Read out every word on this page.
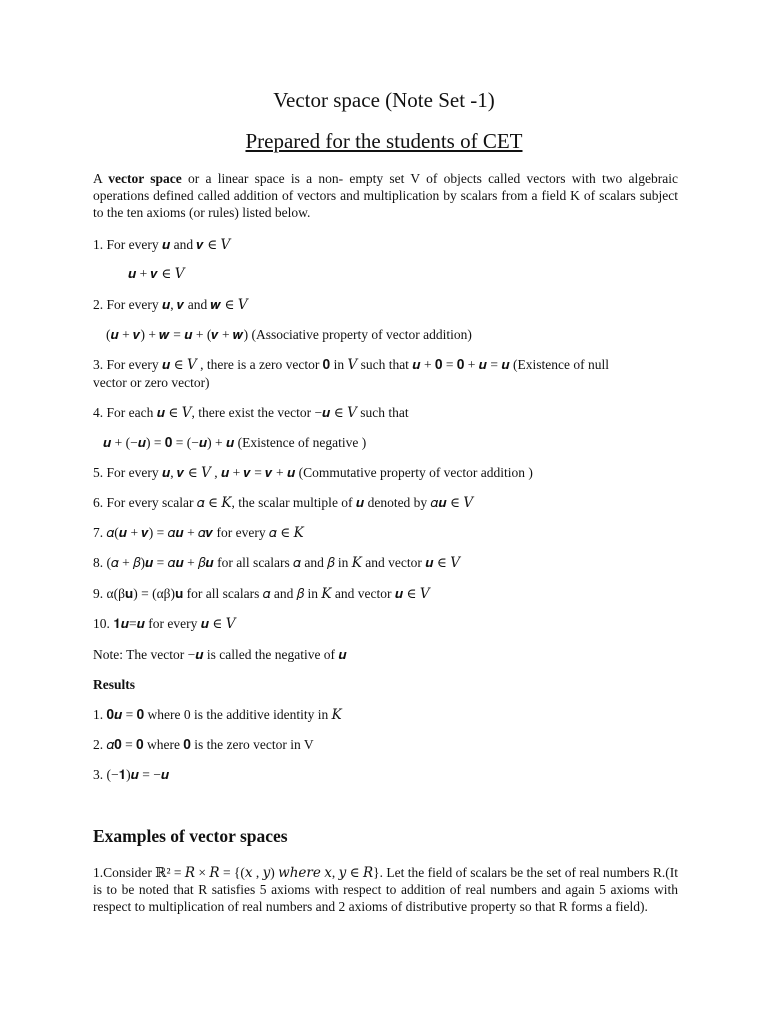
Vector space (Note Set -1)
Prepared for the students of CET
A vector space or a linear space is a non- empty set V of objects called vectors with two algebraic operations defined called addition of vectors and multiplication by scalars from a field K of scalars subject to the ten axioms (or rules) listed below.
1. For every 𝒖 and 𝒗 ∈ 𝑉
𝒖 + 𝒗 ∈ 𝑉
2. For every 𝒖, 𝒗 and 𝒘 ∈ 𝑉
(𝒖 + 𝒗) + 𝒘 = 𝒖 + (𝒗 + 𝒘) (Associative property of vector addition)
3. For every 𝒖 ∈ 𝑉 , there is a zero vector 𝟎 in 𝑉 such that 𝒖 + 𝟎 = 𝟎 + 𝒖 = 𝒖 (Existence of null
vector or zero vector)
4. For each 𝒖 ∈ 𝑉, there exist the vector −𝒖 ∈ 𝑉 such that
𝒖 + (−𝒖) = 𝟎 = (−𝒖) + 𝒖 (Existence of negative )
5. For every 𝒖, 𝒗 ∈ 𝑉 , 𝒖 + 𝒗 = 𝒗 + 𝒖 (Commutative property of vector addition )
6. For every scalar 𝛼 ∈ 𝐾, the scalar multiple of 𝒖 denoted by 𝛼𝒖 ∈ 𝑉
7. 𝛼(𝒖 + 𝒗) = 𝛼𝒖 + 𝛼𝒗 for every 𝛼 ∈ 𝐾
8. (𝛼 + 𝛽)𝒖 = 𝛼𝒖 + 𝛽𝒖 for all scalars 𝛼 and 𝛽 in 𝐾 and vector 𝒖 ∈ 𝑉
9. α(β𝐮) = (αβ)𝐮 for all scalars 𝛼 and 𝛽 in 𝐾 and vector 𝒖 ∈ 𝑉
10. 𝟏𝒖=𝒖 for every 𝒖 ∈ 𝑉
Note: The vector −𝒖 is called the negative of 𝒖
Results
1. 𝟎𝒖 = 𝟎 where 0 is the additive identity in 𝐾
2. 𝛼𝟎 = 𝟎 where 𝟎 is the zero vector in V
3. (−𝟏)𝒖 = −𝒖
Examples of vector spaces
1.Consider ℝ² = 𝑅 × 𝑅 = {(𝑥 , 𝑦) 𝑤ℎ𝑒𝑟𝑒 𝑥, 𝑦 ∈ 𝑅}. Let the field of scalars be the set of real numbers R.(It is to be noted that R satisfies 5 axioms with respect to addition of real numbers and again 5 axioms with respect to multiplication of real numbers and 2 axioms of distributive property so that R forms a field).
